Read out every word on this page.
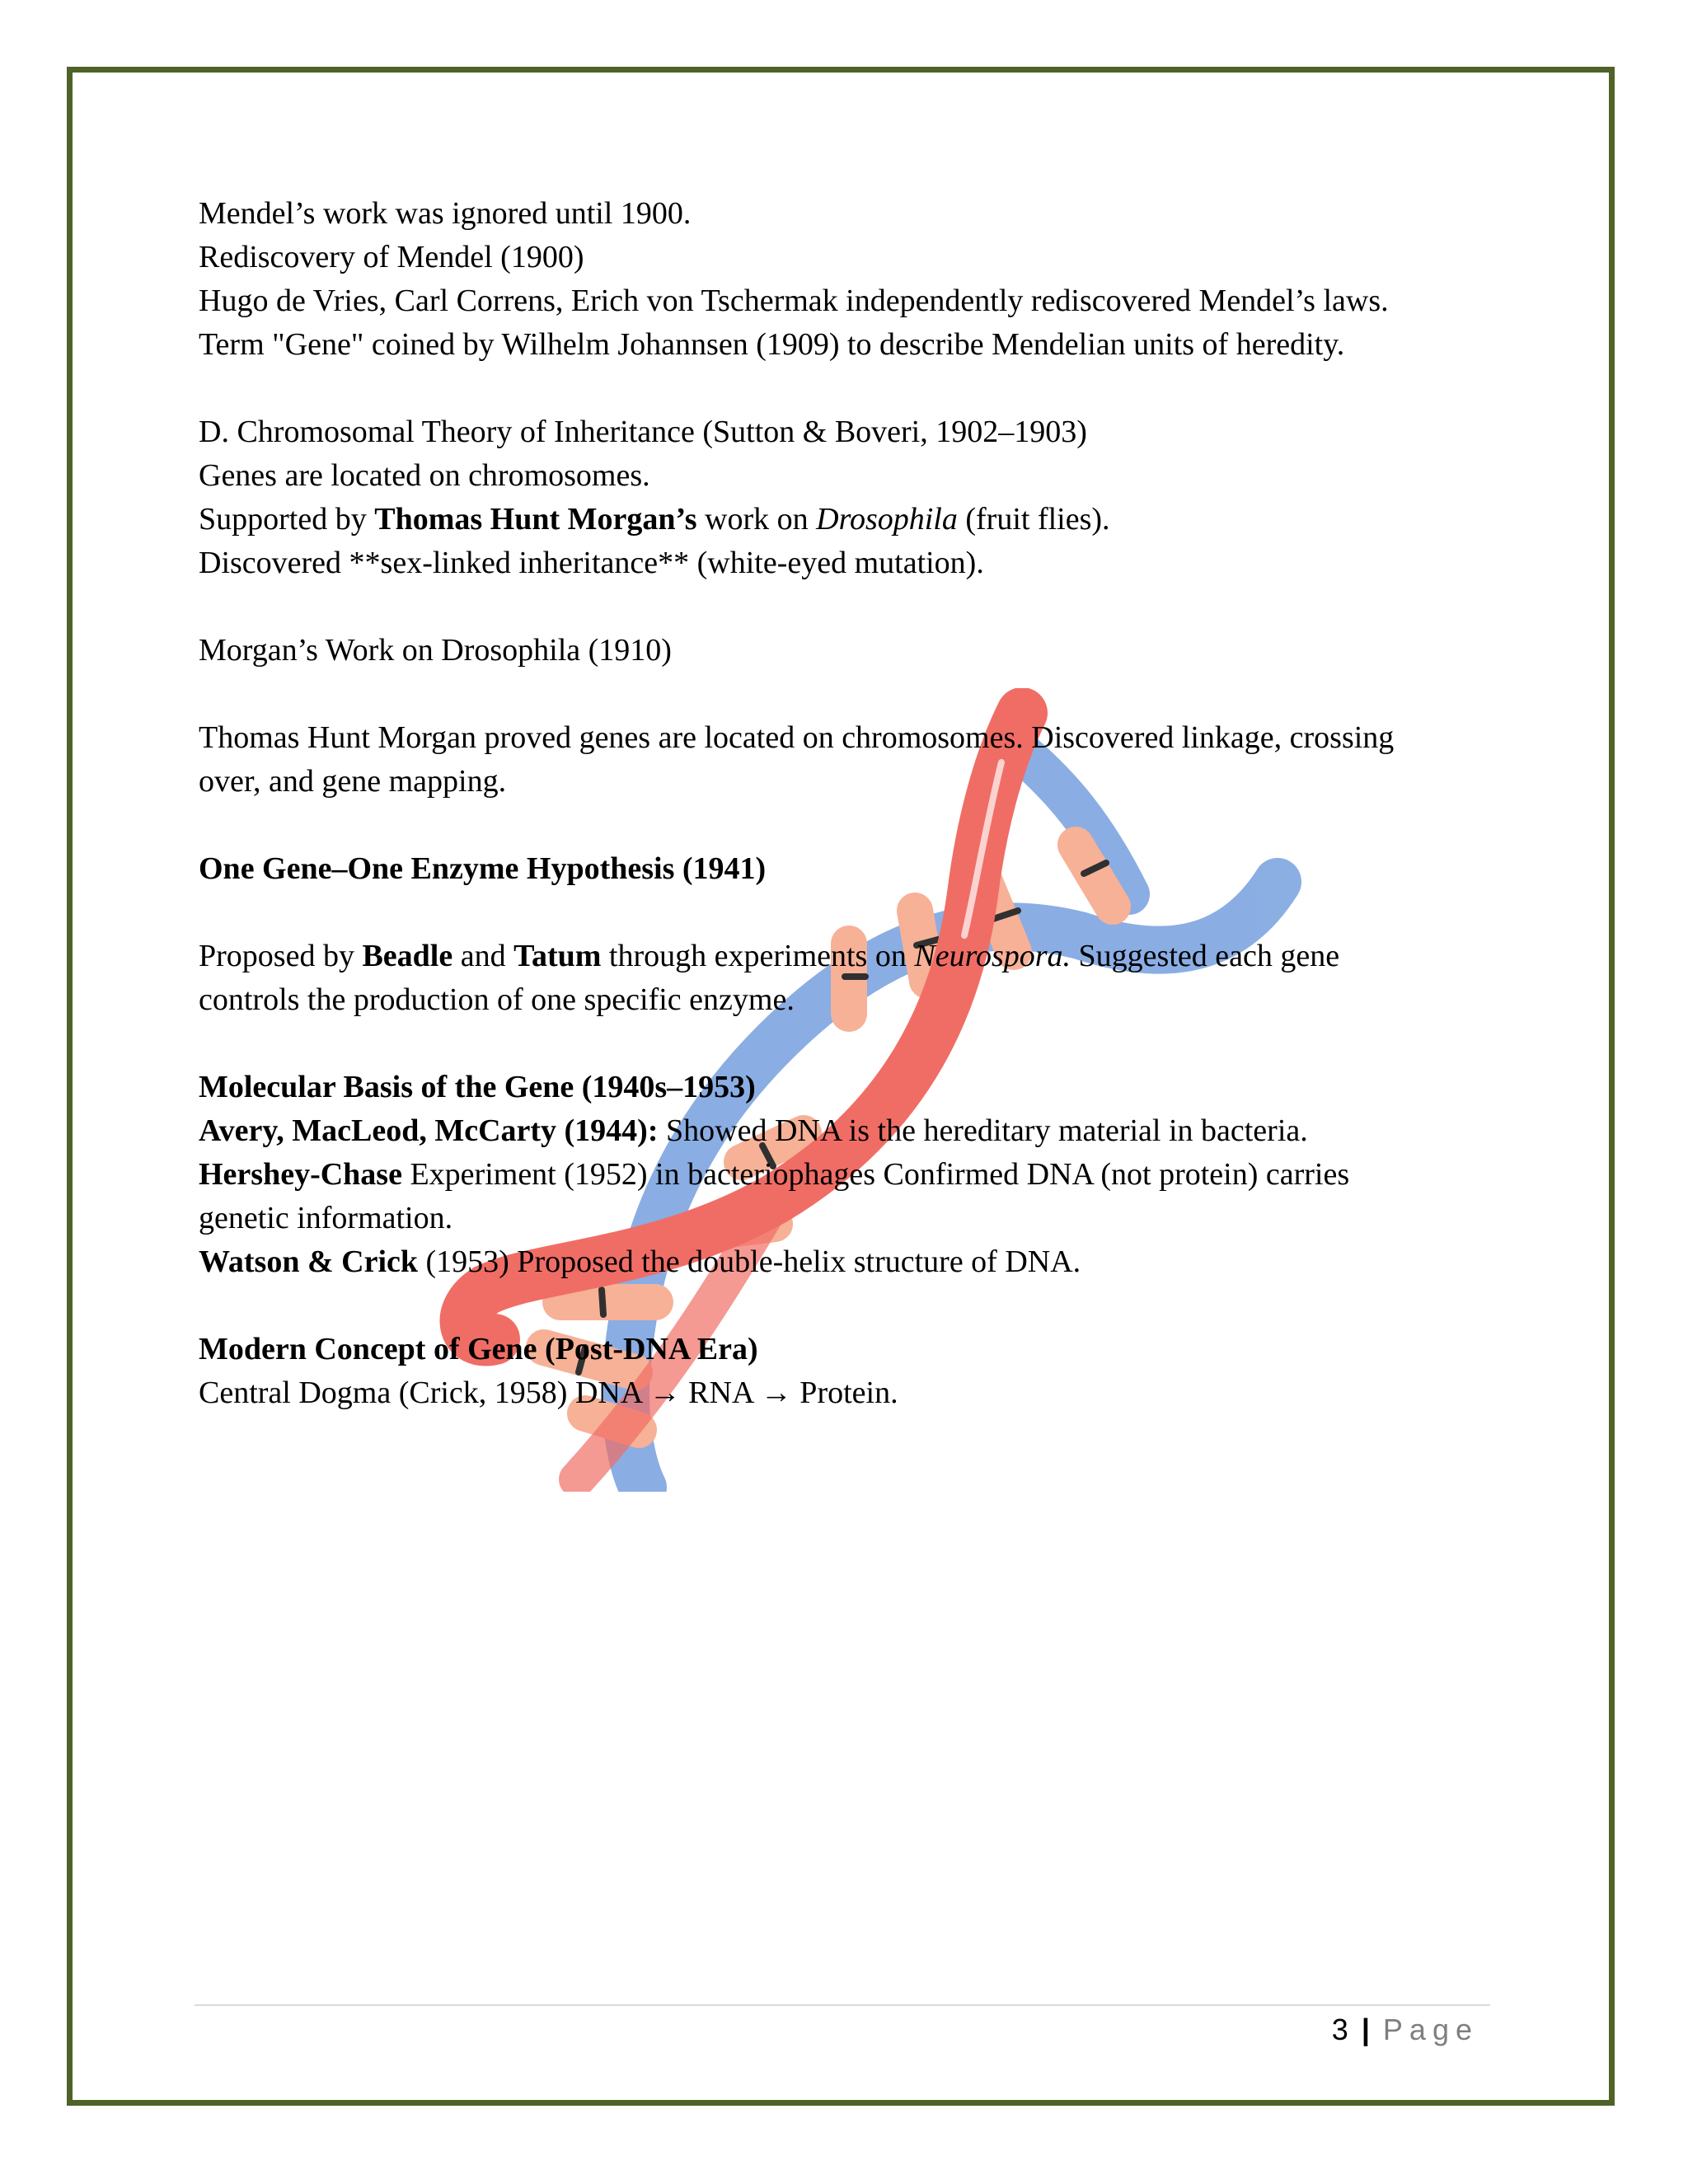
Mendel’s work was ignored until 1900.
Rediscovery of Mendel (1900)
Hugo de Vries, Carl Correns, Erich von Tschermak independently rediscovered Mendel’s laws.
Term "Gene" coined by Wilhelm Johannsen (1909) to describe Mendelian units of heredity.
D. Chromosomal Theory of Inheritance (Sutton & Boveri, 1902–1903)
Genes are located on chromosomes.
Supported by Thomas Hunt Morgan’s work on Drosophila (fruit flies).
Discovered **sex-linked inheritance** (white-eyed mutation).
Morgan’s Work on Drosophila (1910)
Thomas Hunt Morgan proved genes are located on chromosomes. Discovered linkage, crossing
over, and gene mapping.
One Gene–One Enzyme Hypothesis (1941)
Proposed by Beadle and Tatum through experiments on Neurospora. Suggested each gene
controls the production of one specific enzyme.
Molecular Basis of the Gene (1940s–1953)
Avery, MacLeod, McCarty (1944): Showed DNA is the hereditary material in bacteria.
Hershey-Chase Experiment (1952) in bacteriophages Confirmed DNA (not protein) carries
genetic information.
Watson & Crick (1953) Proposed the double-helix structure of DNA.
Modern Concept of Gene (Post-DNA Era)
Central Dogma (Crick, 1958) DNA → RNA → Protein.
3 | Page
